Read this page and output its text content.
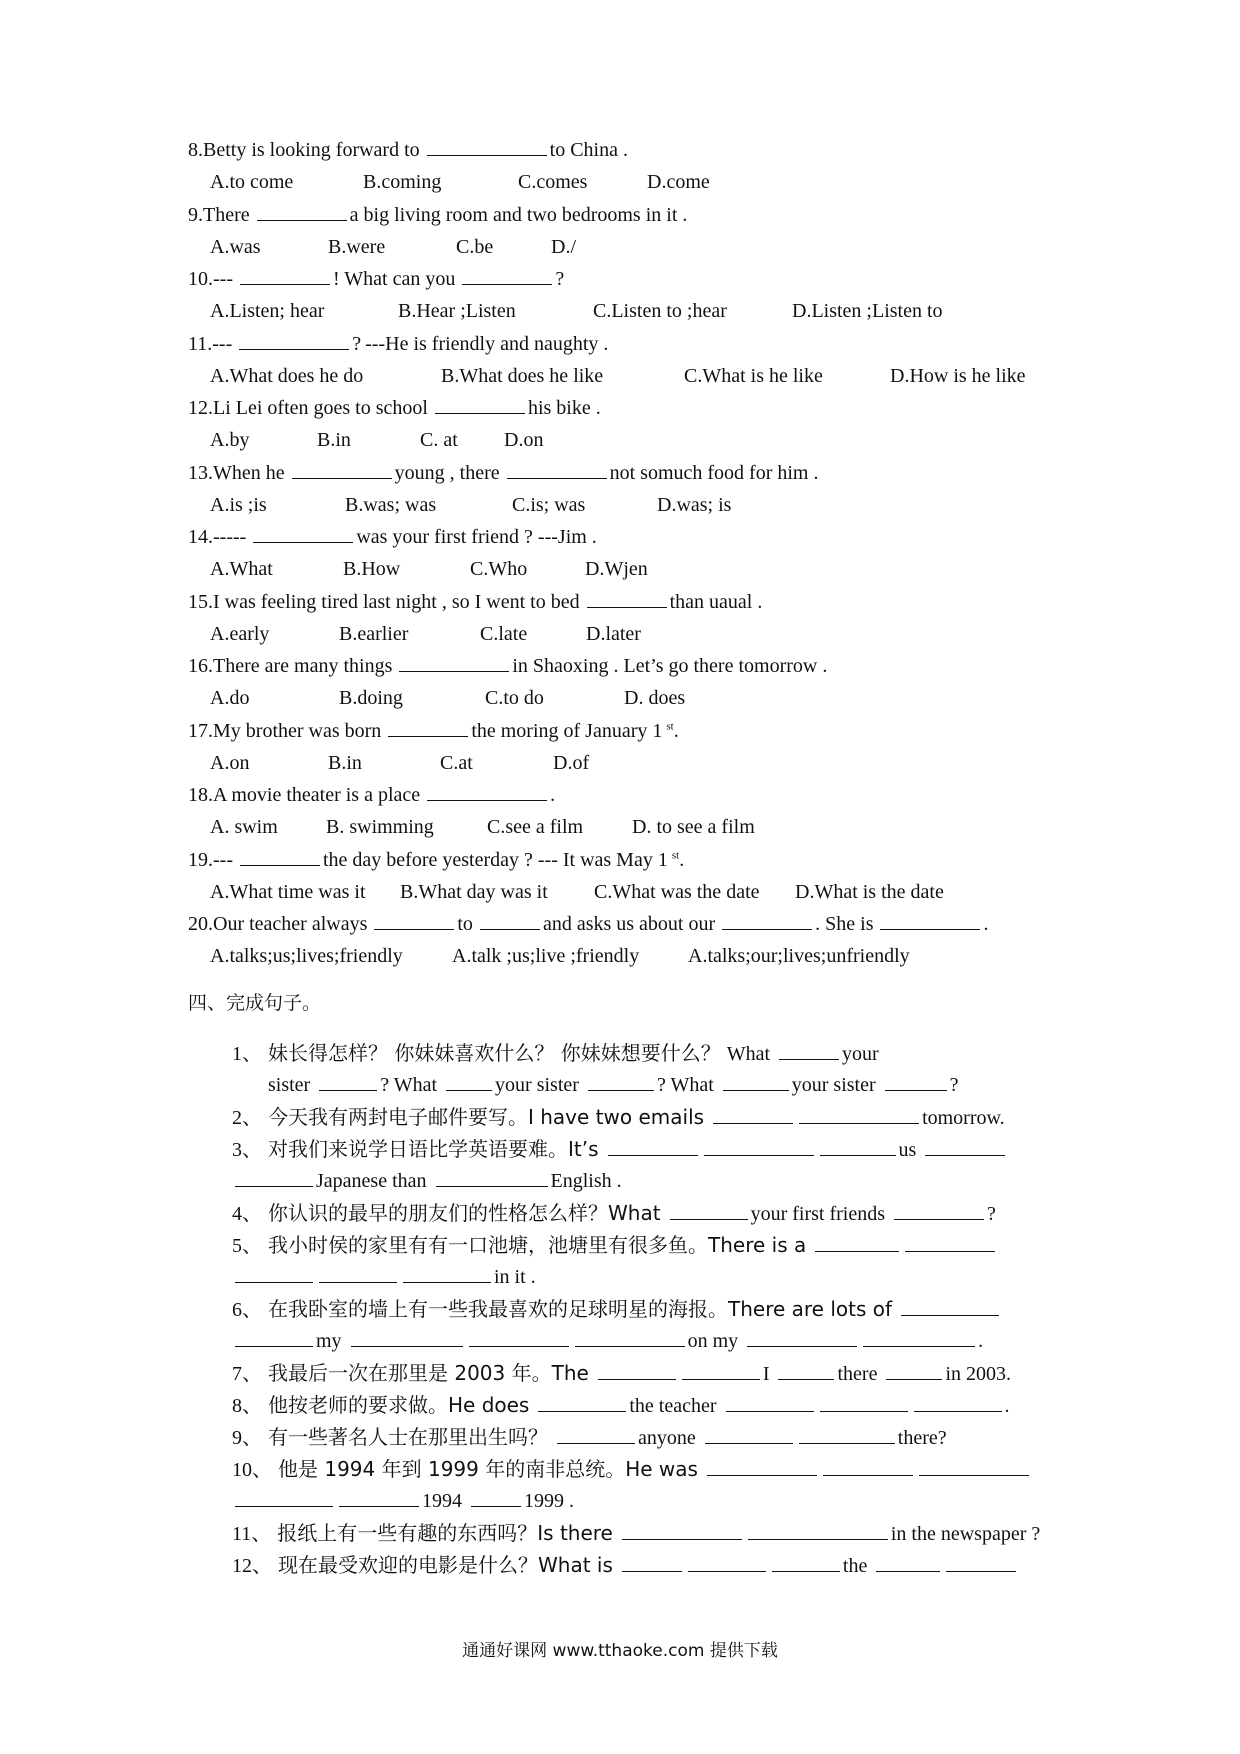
8.Betty is looking forward to	to China .
A.to come	B.coming	C.comes	D.come
9.There	a big living room and two bedrooms in it .
A.was	B.were	C.be	D./
10.---	! What can you	?
A.Listen; hear	B.Hear ;Listen	C.Listen to ;hear	D.Listen ;Listen to
11.---	? ---He is friendly and naughty .
A.What does he do	B.What does he like	C.What is he like	D.How is he like
12.Li Lei often goes to school	his bike .
A.by	B.in	C. at D.on
13.When he	young , there	not somuch food for him .
A.is ;is	B.was; was	C.is; was	D.was; is
14.-----	was your first friend ? ---Jim .
A.What	B.How	C.Who	D.Wjen
15.I was feeling tired last night , so I went to bed	than uaual .
A.early	B.earlier	C.late	D.later
16.There are many things	in Shaoxing . Let’s go there tomorrow .
A.do	B.doing	C.to do	D. does
17.My brother was born	the moring of January 1 $^{st}$.
A.on	B.in	C.at	D.of
18.A movie theater is a place	.
A. swim B. swimming	C.see a film D. to see a film
19.---	the day before yesterday ? --- It was May 1 $^{st}$.
A.What time was it B.What day was it C.What was the date D.What is the date
20.Our teacher always	to	and asks us about our	. She is	.
A.talks;us;lives;friendly A.talk ;us;live ;friendly A.talks;our;lives;unfriendly
四、完成句子。
1、 妹长得怎样？ 你妹妹喜欢什么？ 你妹妹想要什么？ What	your
sister	? What	your sister	? What	your sister	?
2、 今天我有两封电子邮件要写。I have two emails	tomorrow.
3、 对我们来说学日语比学英语要难。It’s	us
Japanese than	English .
4、 你认识的最早的朋友们的性格怎么样？What	your first friends	?
5、 我小时侯的家里有有一口池塘，池塘里有很多鱼。There is a
in it .
6、 在我卧室的墙上有一些我最喜欢的足球明星的海报。There are lots of
my	on my	.
7、 我最后一次在那里是 2003 年。The	I	there	in 2003.
8、 他按老师的要求做。He does	the teacher	.
9、 有一些著名人士在那里出生吗？	anyone	there?
10、 他是 1994 年到 1999 年的南非总统。He was
1994	1999 .
11、 报纸上有一些有趣的东西吗？Is there	in the newspaper ?
12、 现在最受欢迎的电影是什么？What is	the
通通好课网 www.tthaoke.com 提供下载
